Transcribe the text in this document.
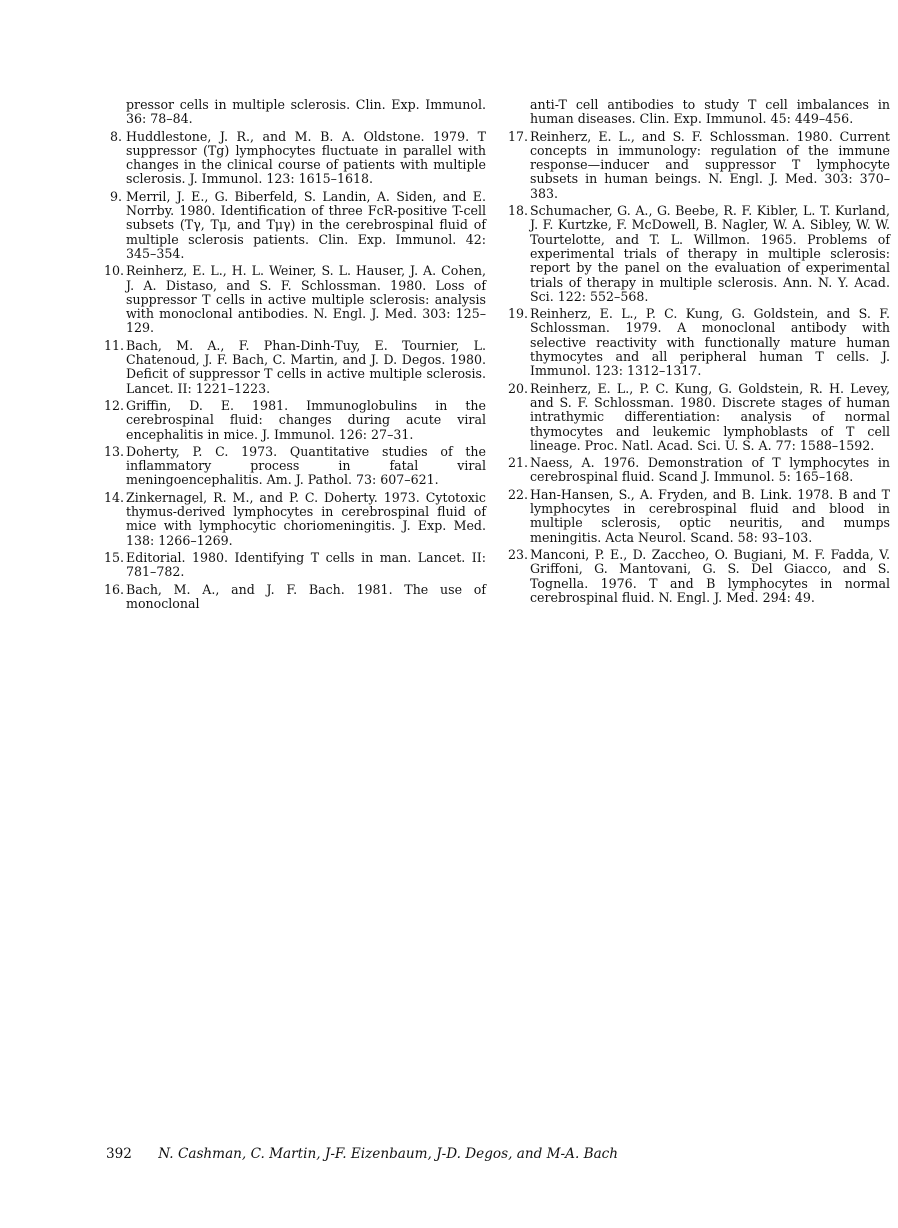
pressor cells in multiple sclerosis. Clin. Exp. Immunol. 36: 78–84.
8. Huddlestone, J. R., and M. B. A. Oldstone. 1979. T suppressor (Tg) lymphocytes fluctuate in parallel with changes in the clinical course of patients with multiple sclerosis. J. Immunol. 123: 1615–1618.
9. Merril, J. E., G. Biberfeld, S. Landin, A. Siden, and E. Norrby. 1980. Identification of three FcR-positive T-cell subsets (Tγ, Tμ, and Tμγ) in the cerebrospinal fluid of multiple sclerosis patients. Clin. Exp. Immunol. 42: 345–354.
10. Reinherz, E. L., H. L. Weiner, S. L. Hauser, J. A. Cohen, J. A. Distaso, and S. F. Schlossman. 1980. Loss of suppressor T cells in active multiple sclerosis: analysis with monoclonal antibodies. N. Engl. J. Med. 303: 125–129.
11. Bach, M. A., F. Phan-Dinh-Tuy, E. Tournier, L. Chatenoud, J. F. Bach, C. Martin, and J. D. Degos. 1980. Deficit of suppressor T cells in active multiple sclerosis. Lancet. II: 1221–1223.
12. Griffin, D. E. 1981. Immunoglobulins in the cerebrospinal fluid: changes during acute viral encephalitis in mice. J. Immunol. 126: 27–31.
13. Doherty, P. C. 1973. Quantitative studies of the inflammatory process in fatal viral meningoencephalitis. Am. J. Pathol. 73: 607–621.
14. Zinkernagel, R. M., and P. C. Doherty. 1973. Cytotoxic thymus-derived lymphocytes in cerebrospinal fluid of mice with lymphocytic choriomeningitis. J. Exp. Med. 138: 1266–1269.
15. Editorial. 1980. Identifying T cells in man. Lancet. II: 781–782.
16. Bach, M. A., and J. F. Bach. 1981. The use of monoclonal
anti-T cell antibodies to study T cell imbalances in human diseases. Clin. Exp. Immunol. 45: 449–456.
17. Reinherz, E. L., and S. F. Schlossman. 1980. Current concepts in immunology: regulation of the immune response—inducer and suppressor T lymphocyte subsets in human beings. N. Engl. J. Med. 303: 370–383.
18. Schumacher, G. A., G. Beebe, R. F. Kibler, L. T. Kurland, J. F. Kurtzke, F. McDowell, B. Nagler, W. A. Sibley, W. W. Tourtelotte, and T. L. Willmon. 1965. Problems of experimental trials of therapy in multiple sclerosis: report by the panel on the evaluation of experimental trials of therapy in multiple sclerosis. Ann. N. Y. Acad. Sci. 122: 552–568.
19. Reinherz, E. L., P. C. Kung, G. Goldstein, and S. F. Schlossman. 1979. A monoclonal antibody with selective reactivity with functionally mature human thymocytes and all peripheral human T cells. J. Immunol. 123: 1312–1317.
20. Reinherz, E. L., P. C. Kung, G. Goldstein, R. H. Levey, and S. F. Schlossman. 1980. Discrete stages of human intrathymic differentiation: analysis of normal thymocytes and leukemic lymphoblasts of T cell lineage. Proc. Natl. Acad. Sci. U. S. A. 77: 1588–1592.
21. Naess, A. 1976. Demonstration of T lymphocytes in cerebrospinal fluid. Scand J. Immunol. 5: 165–168.
22. Han-Hansen, S., A. Fryden, and B. Link. 1978. B and T lymphocytes in cerebrospinal fluid and blood in multiple sclerosis, optic neuritis, and mumps meningitis. Acta Neurol. Scand. 58: 93–103.
23. Manconi, P. E., D. Zaccheo, O. Bugiani, M. F. Fadda, V. Griffoni, G. Mantovani, G. S. Del Giacco, and S. Tognella. 1976. T and B lymphocytes in normal cerebrospinal fluid. N. Engl. J. Med. 294: 49.
392 N. Cashman, C. Martin, J-F. Eizenbaum, J-D. Degos, and M-A. Bach
